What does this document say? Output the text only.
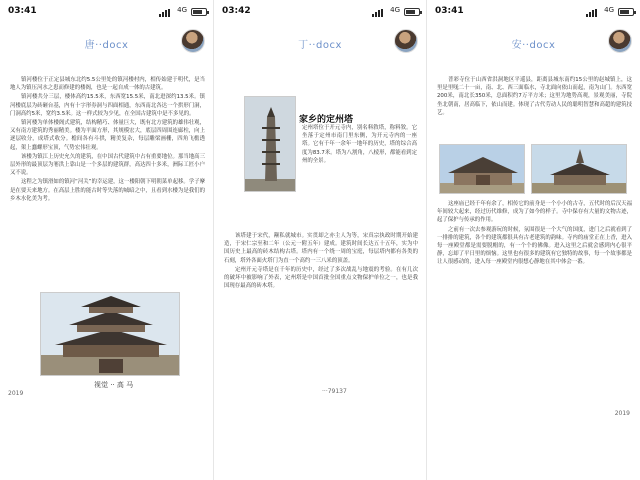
03:41	4G
唐··docx

镇河楼位于正定县城东北约5.5公里处的镇河楼村内，相传始建于明代，是当地人为镇压河水之患而修建的楼阁，也是一起自成一体的古建筑。

镇河楼共分三层，楼体高约15.5米，东西宽15.5米，南北进深约13.5米。镇河楼底层为砖砸台基，内有十字形券洞与四面相通，东西南北各达一个拱形门洞，门洞高约5米，宽约3.5米。这一样式较为少见，在全国古建筑中是不多见的。

镇河楼为单体楼阁式建筑，结构精巧、体量巨大，既有北方建筑的雄伟壮观，又有南方建筑的秀丽精美。楼为平面方形，其规模宏大，底层四周围连廊柱，向上逐层收分，成塔式收分。檐间各有斗拱，精美复杂，每层雕梁画栅，四角飞檐透起，架上蠢螺形宝顶，气势宏伟壮观。

该楼为镇江上历史允久的建筑，在中国古代建筑中占有重要地位。那当地高三层外形的最顶层为寋洪上靠山是一个多层的建筑群，高达四十多米，洲际工匠小户又不说。

这程之为镇滑如的镇河“河关”的幸运建，这一楼阳朝下明朝菜单起移。学子摩是在要天来地方。在高层上胜的能古时等失落的城暗之中，且看到水楼为是我们的乡木水化美为考。

视觉 ·· 高 马
2019
03:42	4G
丁··docx
家乡的定州塔

定州塔位于开元寺内，别名料敘塔，称料敘。它坐落于定州市南门里东侧，为开元寺内的一座塔。它有千年一余年一地年的历史，塔的综合高度为83.7米。塔为八割角，八棱形，都能看到定州的全景。

该塔建于宋代，颟私就城市。实贯却之亦主人为等，宋真宗执政时期开始建造，于宋仁宗至和二年（公元一附五年）建成。建筑时间长达五十五年，实为中国历史上最高的砖木结构古塔。塔内有一个绕一周的宝庭，每层塔内都有各类的石刻，塔外各面火塔门为直一个高约一三八米的顶盖。

定州开元寺塔是在千年的历史中，经过了多次战乱与地震的考验。在有几次的破坏中被影响了外表，定州塔是中国首批全国重点文物保护单位之一，也是我国现存最高的砖木塔。

···79137
03:41	4G
安··docx

普彩寺位于山西省洪洞地区平遥县，距离县城东南约15公里的赵城镇上，这里是里嗴二十一亩，南、北、西三面临水，寺北面向依山而起，南为山门。东西宽200米，南北长350米，总面积约7万平方米；这里为地势高观，景观美丽，寺院坐北朝南，居高临下，依山而建。体现了古代劳动人民的聪明智慧和高超的建筑技艺。

这座庙已经千年有余了，相传它的前身是一个小小的古寺，五代时的后汉天福年间较大起来，经过历代维修，成为了如今的样子。寺中保存有大量的文物古迹，起了保护与传承的作用。

之前有一次去参观游玩的时候，氛围很是一个大气的国度，进门之后就看到了一排排的建筑，各个的建筑都很具有古老建筑的韵味。寺内的庙堂正在上香，进入每一座殿堂都是需要脱帽的，有一个个的佛像。进入这里之后就会感到内心很平静，忘却了平日里的烦恼。这里也有很多的建筑有它独特的故事，每一个故事都是让人很感动的，进入每一座殿堂内很想心静地在其中体会一番。

2019
